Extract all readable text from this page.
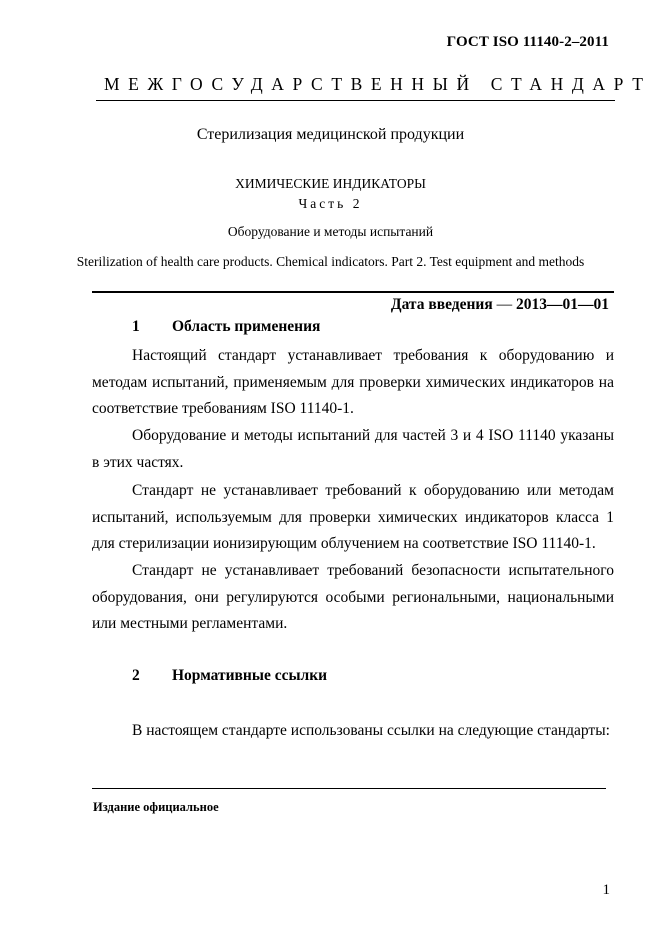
ГОСТ ISO 11140-2–2011
МЕЖГОСУДАРСТВЕННЫЙ СТАНДАРТ
Стерилизация медицинской продукции
ХИМИЧЕСКИЕ ИНДИКАТОРЫ
Часть 2
Оборудование и методы испытаний
Sterilization of health care products. Chemical indicators. Part 2. Test equipment and methods
Дата введения — 2013—01—01
1 Область применения

Настоящий стандарт устанавливает требования к оборудованию и методам испытаний, применяемым для проверки химических индикаторов на соответствие требованиям ISO 11140-1.

Оборудование и методы испытаний для частей 3 и 4 ISO 11140 указаны в этих частях.

Стандарт не устанавливает требований к оборудованию или методам испытаний, используемым для проверки химических индикаторов класса 1 для стерилизации ионизирующим облучением на соответствие ISO 11140-1.

Стандарт не устанавливает требований безопасности испытательного оборудования, они регулируются особыми региональными, национальными или местными регламентами.

2 Нормативные ссылки

В настоящем стандарте использованы ссылки на следующие стандарты:

Издание официальное
1
